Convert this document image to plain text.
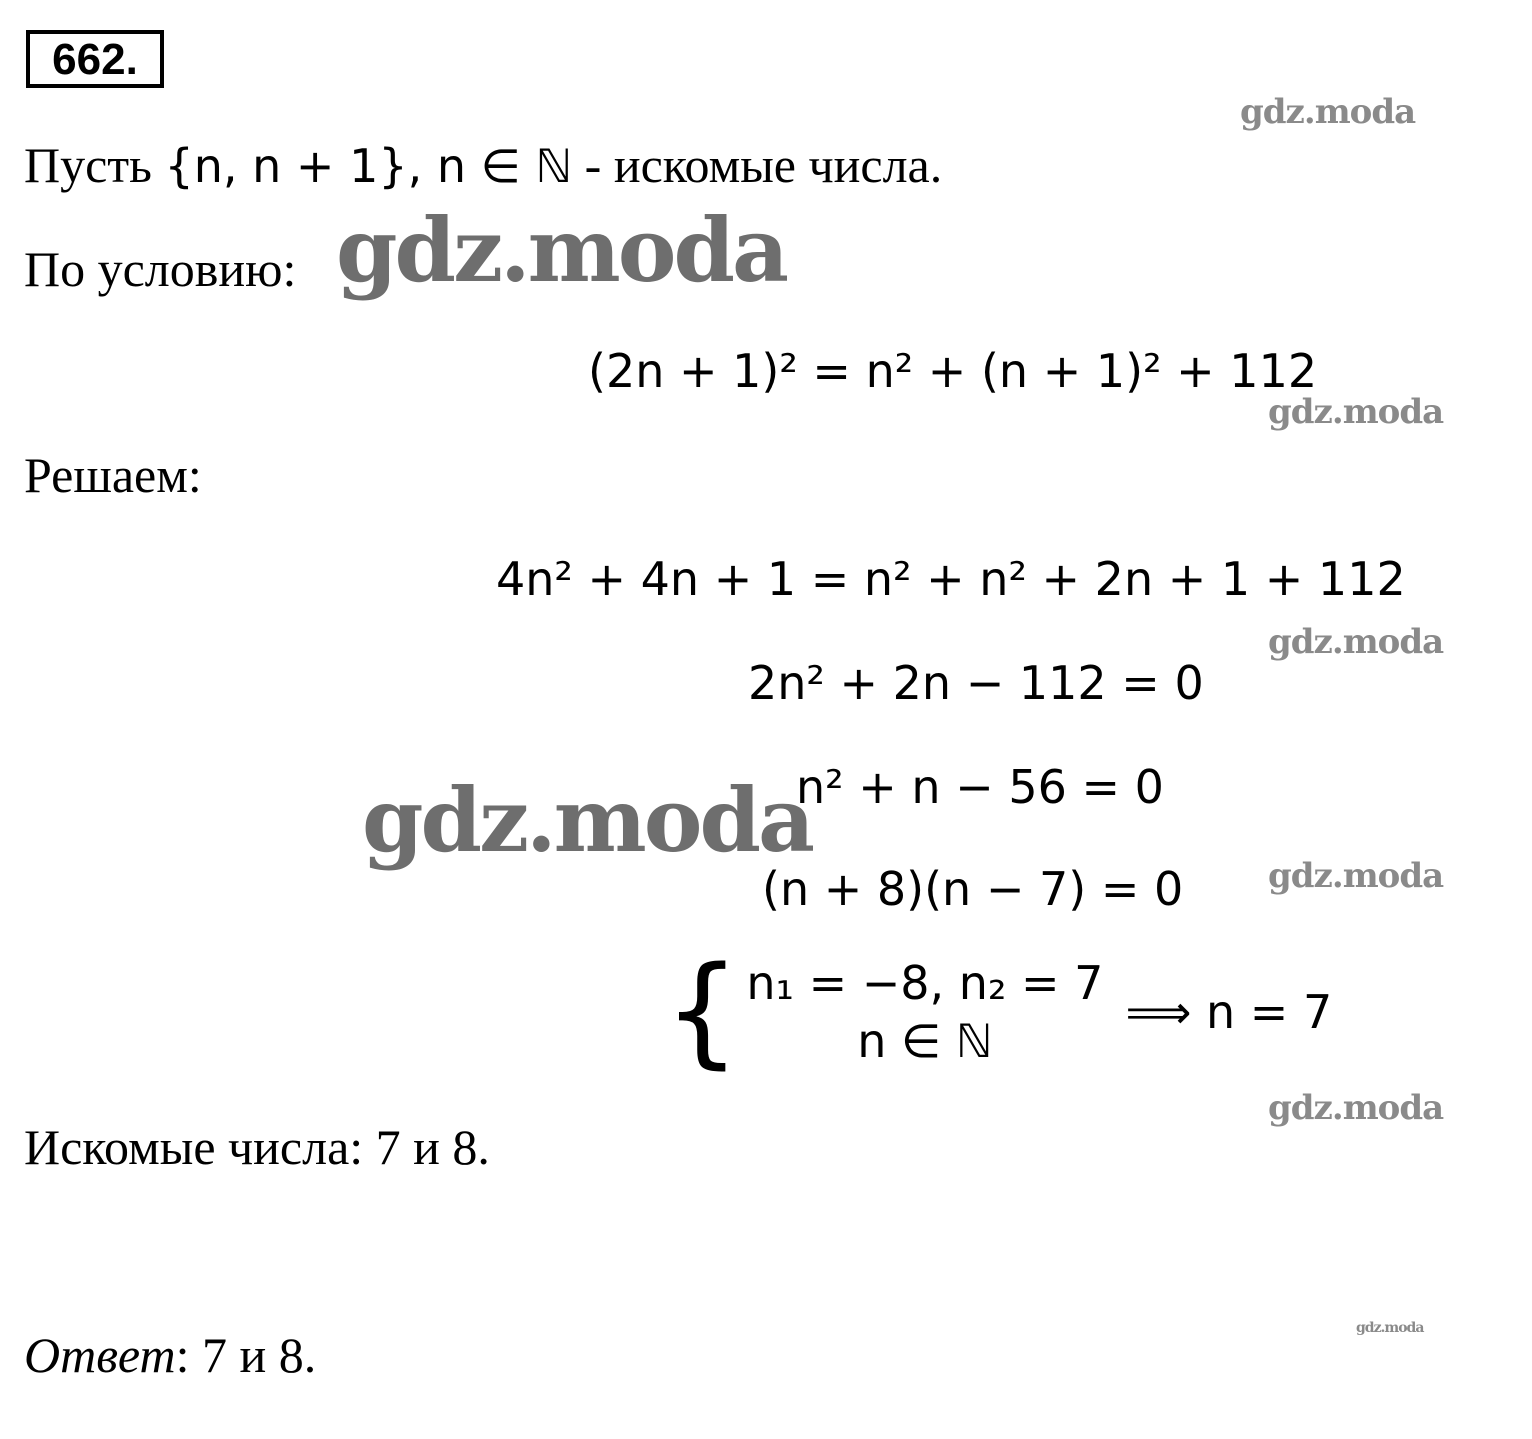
662.
gdz.moda
Пусть {n, n + 1}, n ∈ ℕ - искомые числа.
По условию: gdz.moda
(2n + 1)² = n² + (n + 1)² + 112
gdz.moda
Решаем:
4n² + 4n + 1 = n² + n² + 2n + 1 + 112
gdz.moda
2n² + 2n − 112 = 0
n² + n − 56 = 0
gdz.moda
(n + 8)(n − 7) = 0 gdz.moda
{ n₁ = −8, n₂ = 7
n ∈ ℕ
⟹ n = 7
gdz.moda
Искомые числа: 7 и 8.
gdz.moda
Ответ: 7 и 8.
